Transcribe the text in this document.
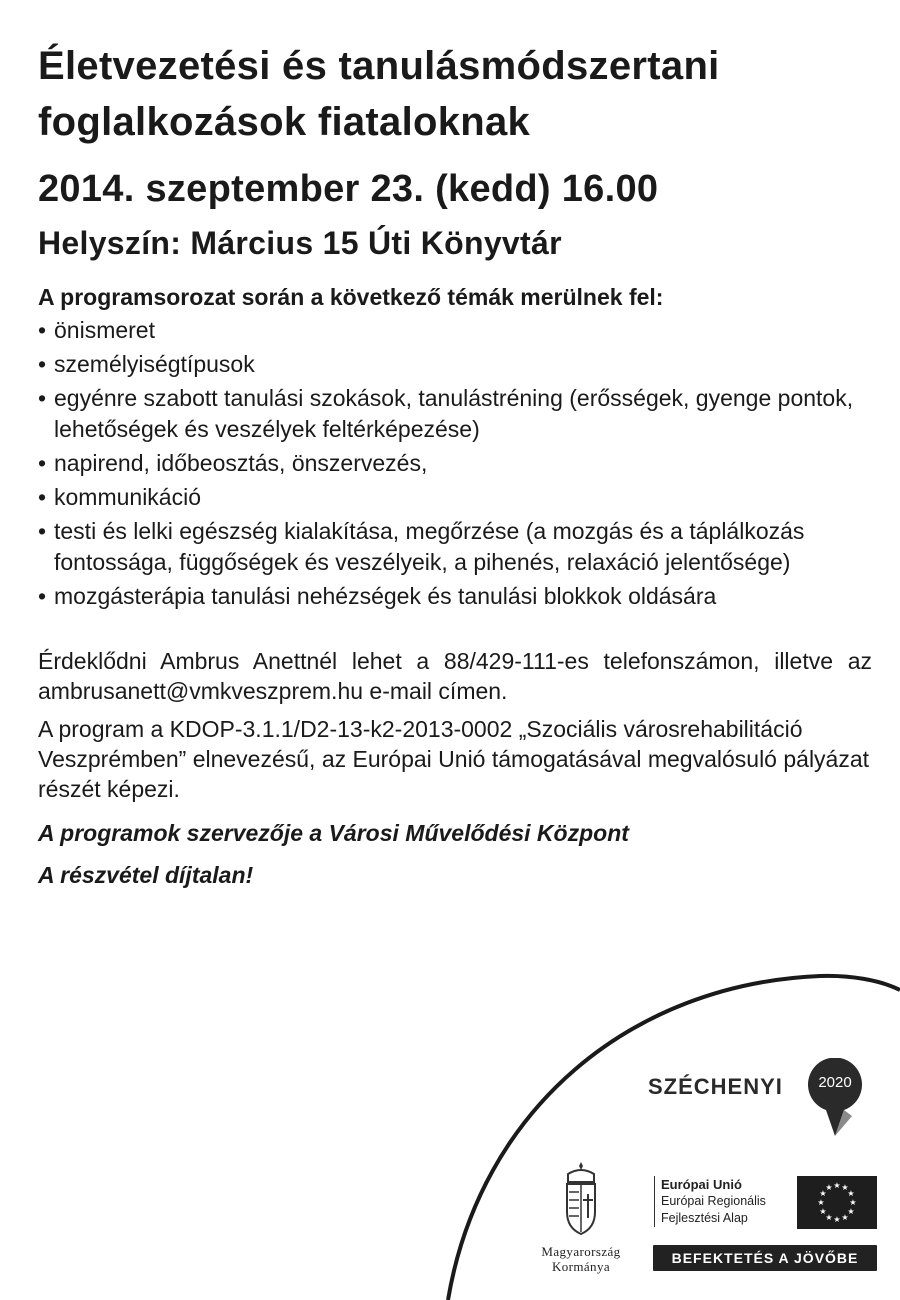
Életvezetési és tanulásmódszertani
foglalkozások fiataloknak

2014. szeptember 23. (kedd) 16.00

Helyszín: Március 15 Úti Könyvtár

A programsorozat során a következő témák merülnek fel:

• önismeret
• személyiségtípusok
• egyénre szabott tanulási szokások, tanulástréning (erősségek, gyenge pontok, lehetőségek és veszélyek feltérképezése)
• napirend, időbeosztás, önszervezés,
• kommunikáció
• testi és lelki egészség kialakítása, megőrzése (a mozgás és a táplálkozás fontossága, függőségek és veszélyeik, a pihenés, relaxáció jelentősége)
• mozgásterápia tanulási nehézségek és tanulási blokkok oldására

Érdeklődni Ambrus Anettnél lehet a 88/429-111-es telefonszámon, illetve az ambrusanett@vmkveszprem.hu e-mail címen.

A program a KDOP-3.1.1/D2-13-k2-2013-0002 „Szociális városrehabilitáció Veszprémben” elnevezésű, az Európai Unió támogatásával megvalósuló pályázat részét képezi.

A programok szervezője a Városi Művelődési Központ

A részvétel díjtalan!

SZÉCHENYI	2020
Magyarország
Kormánya
Európai Unió
Európai Regionális
Fejlesztési Alap
★ ★
★
★
★
★
★
★
★
★
★
★
BEFEKTETÉS A JÖVŐBE
